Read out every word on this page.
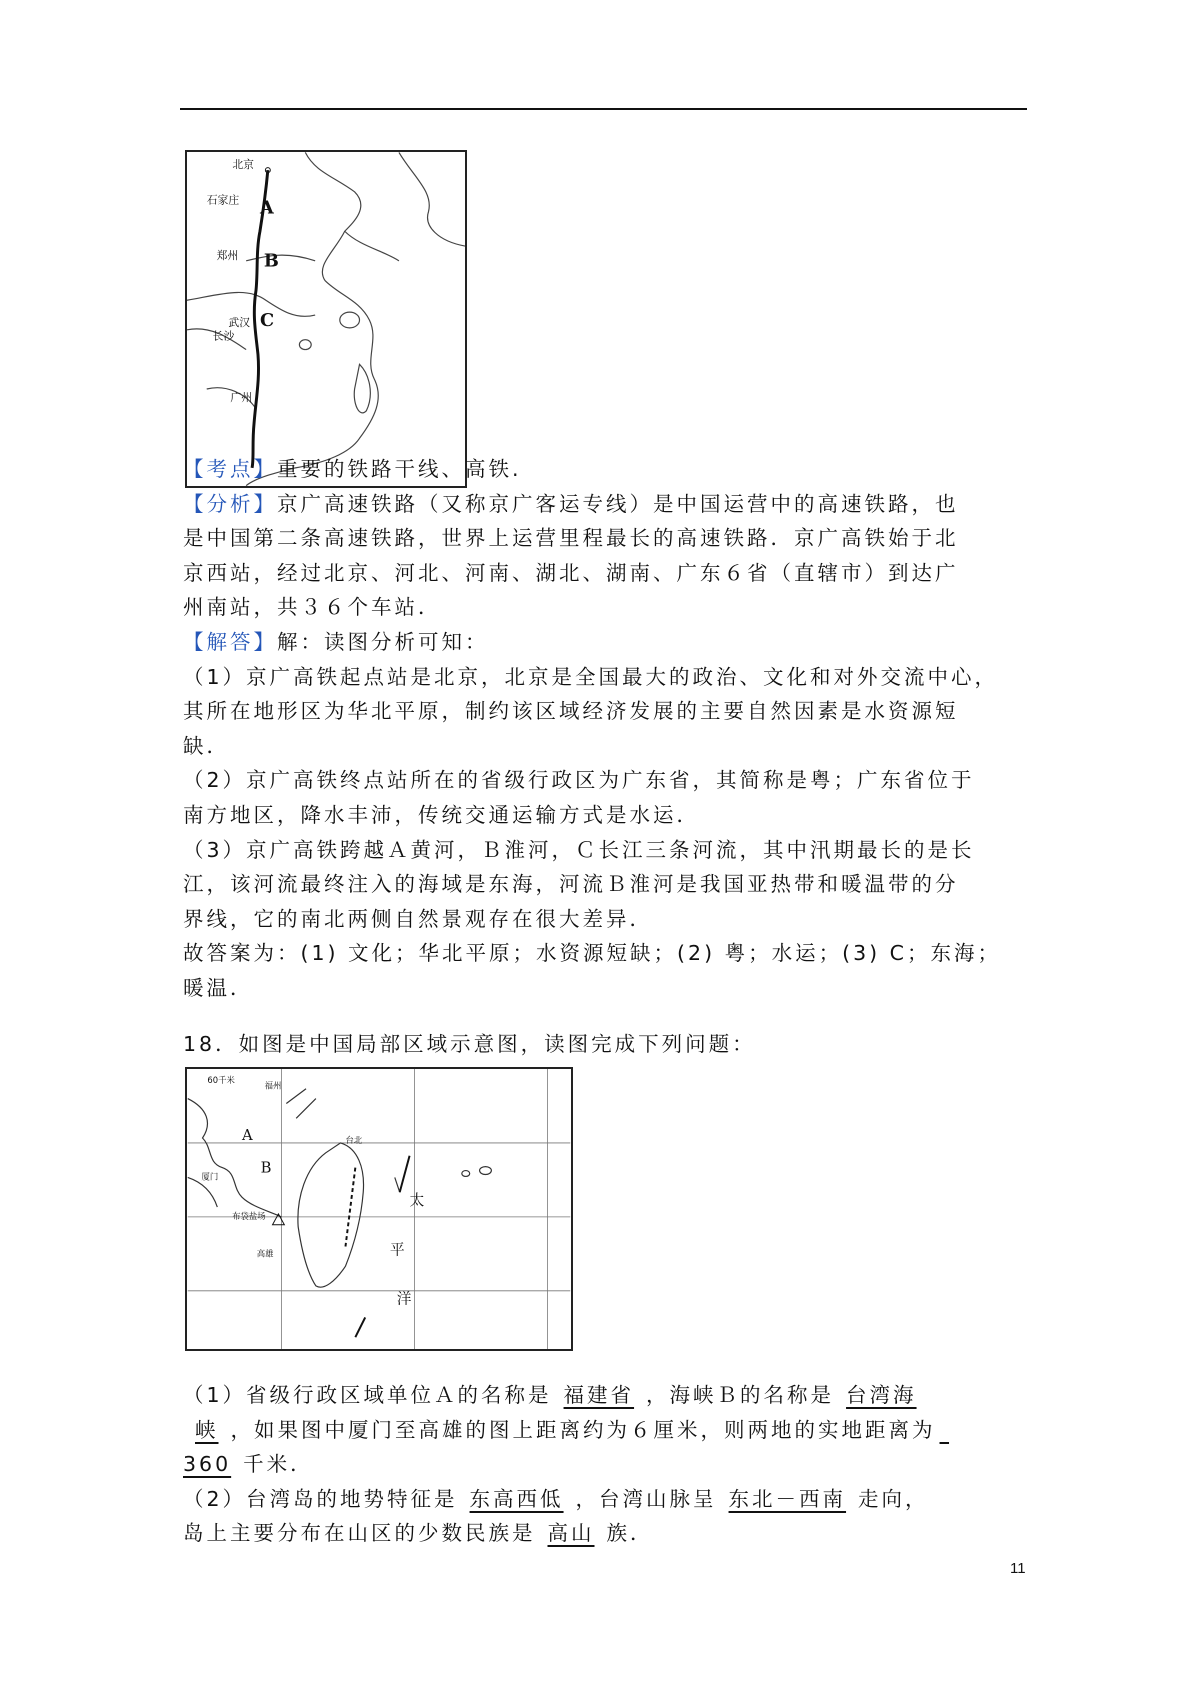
北京
石家庄
郑州
武汉
长沙
广州
A
B
C
【考点】重要的铁路干线、高铁.
【分析】京广高速铁路（又称京广客运专线）是中国运营中的高速铁路，也
是中国第二条高速铁路，世界上运营里程最长的高速铁路．京广高铁始于北
京西站，经过北京、河北、河南、湖北、湖南、广东６省（直辖市）到达广
州南站，共３６个车站．
【解答】解：读图分析可知：
（1）京广高铁起点站是北京，北京是全国最大的政治、文化和对外交流中心，
其所在地形区为华北平原，制约该区域经济发展的主要自然因素是水资源短
缺．
（2）京广高铁终点站所在的省级行政区为广东省，其简称是粤；广东省位于
南方地区，降水丰沛，传统交通运输方式是水运．
（3）京广高铁跨越Ａ黄河，Ｂ淮河，Ｃ长江三条河流，其中汛期最长的是长
江，该河流最终注入的海域是东海，河流Ｂ淮河是我国亚热带和暖温带的分
界线，它的南北两侧自然景观存在很大差异．
故答案为：(1) 文化；华北平原；水资源短缺；(2) 粤；水运；(3) C；东海；
暖温．
18．如图是中国局部区域示意图，读图完成下列问题：
60千米
福州
厦门
台北
布袋盐场
高雄
A
B
太
平
洋
（1）省级行政区域单位Ａ的名称是 福建省 ，海峡Ｂ的名称是 台湾海
峡 ，如果图中厦门至高雄的图上距离约为６厘米，则两地的实地距离为
360 千米．
（2）台湾岛的地势特征是 东高西低 ，台湾山脉呈 东北－西南 走向，
岛上主要分布在山区的少数民族是 高山 族．
11
